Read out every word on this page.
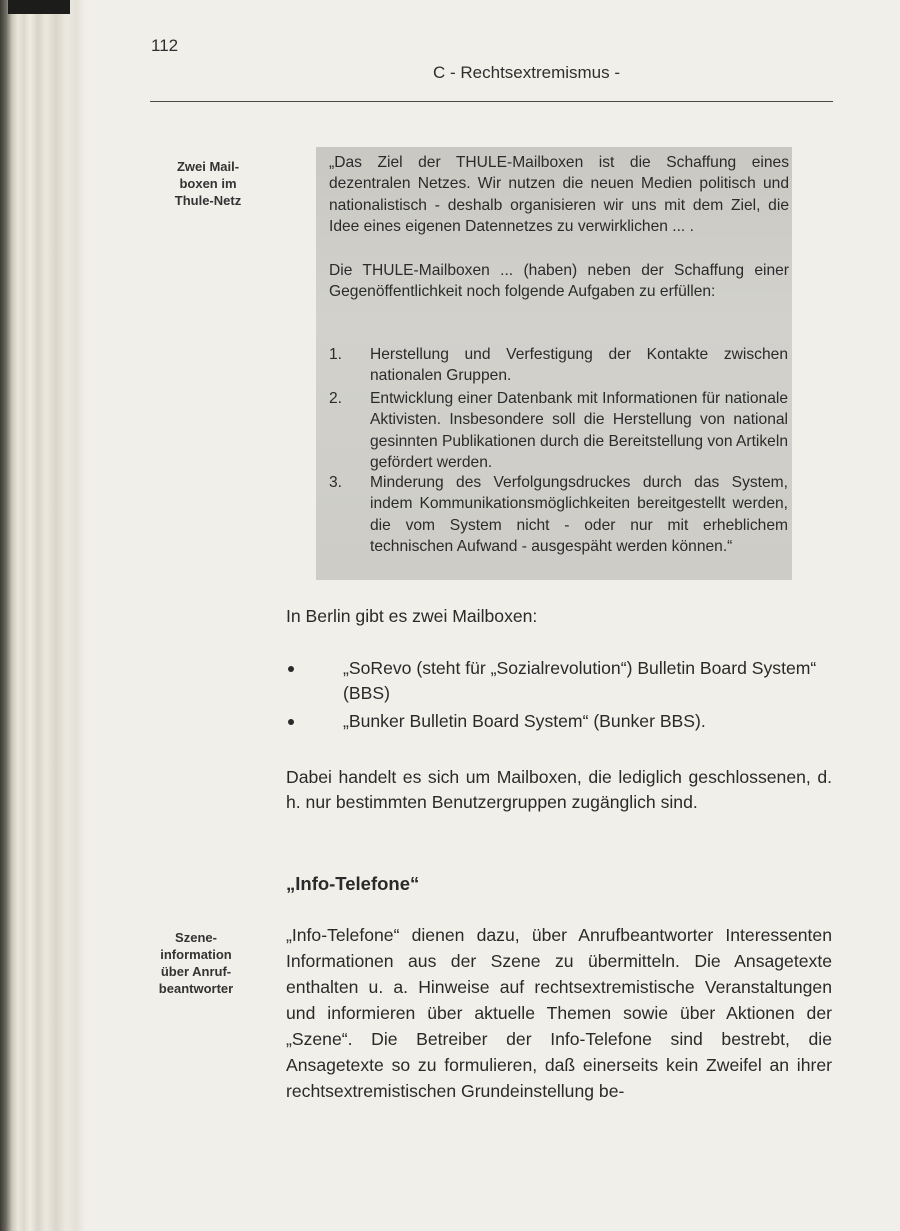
112
C - Rechtsextremismus -
Zwei Mail-
boxen im
Thule-Netz

„Das Ziel der THULE-Mailboxen ist die Schaffung eines dezentralen Netzes. Wir nutzen die neuen Medien politisch und nationalistisch - deshalb organisieren wir uns mit dem Ziel, die Idee eines eigenen Datennetzes zu verwirklichen ... .

Die THULE-Mailboxen ... (haben) neben der Schaffung einer Gegenöffentlichkeit noch folgende Aufgaben zu erfüllen:

1.	Herstellung und Verfestigung der Kontakte zwischen nationalen Gruppen.
2.	Entwicklung einer Datenbank mit Informationen für nationale Aktivisten. Insbesondere soll die Herstellung von national gesinnten Publikationen durch die Bereitstellung von Artikeln gefördert werden.
3.	Minderung des Verfolgungsdruckes durch das System, indem Kommunikationsmöglichkeiten bereitgestellt werden, die vom System nicht - oder nur mit erheblichem technischen Aufwand - ausgespäht werden können.“

In Berlin gibt es zwei Mailboxen:

„SoRevo (steht für „Sozialrevolution“) Bulletin Board System“ (BBS)
„Bunker Bulletin Board System“ (Bunker BBS).

Dabei handelt es sich um Mailboxen, die lediglich geschlossenen, d. h. nur bestimmten Benutzergruppen zugänglich sind.

„Info-Telefone“
Szene-
information
über Anruf-
beantworter

„Info-Telefone“ dienen dazu, über Anrufbeantworter Interessenten Informationen aus der Szene zu übermitteln. Die Ansagetexte enthalten u. a. Hinweise auf rechtsextremistische Veranstaltungen und informieren über aktuelle Themen sowie über Aktionen der „Szene“. Die Betreiber der Info-Telefone sind bestrebt, die Ansagetexte so zu formulieren, daß einerseits kein Zweifel an ihrer rechtsextremistischen Grundeinstellung be-
